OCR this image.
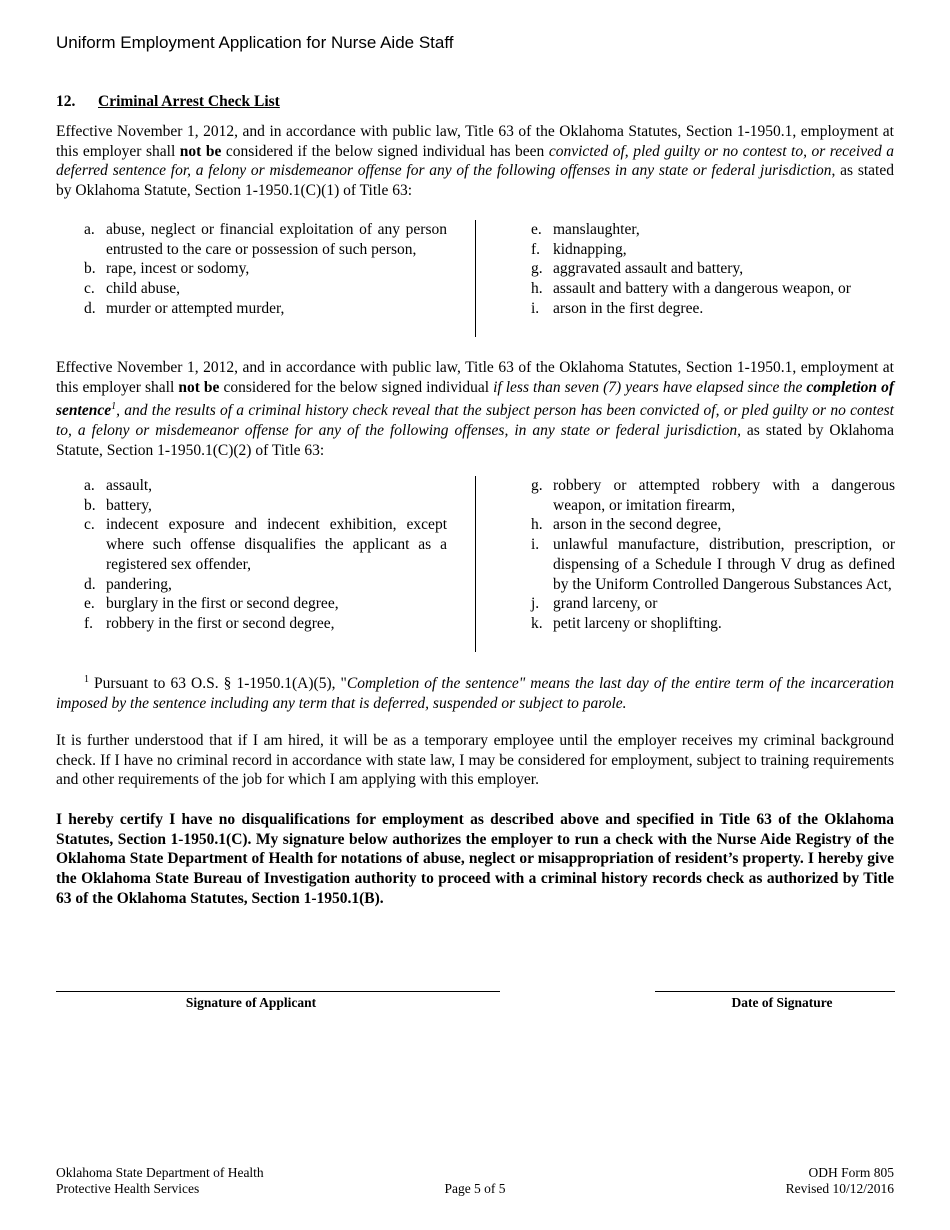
Uniform Employment Application for Nurse Aide Staff
12. Criminal Arrest Check List
Effective November 1, 2012, and in accordance with public law, Title 63 of the Oklahoma Statutes, Section 1-1950.1, employment at this employer shall not be considered if the below signed individual has been convicted of, pled guilty or no contest to, or received a deferred sentence for, a felony or misdemeanor offense for any of the following offenses in any state or federal jurisdiction, as stated by Oklahoma Statute, Section 1-1950.1(C)(1) of Title 63:
a. abuse, neglect or financial exploitation of any person entrusted to the care or possession of such person,
b. rape, incest or sodomy,
c. child abuse,
d. murder or attempted murder,
e. manslaughter,
f. kidnapping,
g. aggravated assault and battery,
h. assault and battery with a dangerous weapon, or
i. arson in the first degree.
Effective November 1, 2012, and in accordance with public law, Title 63 of the Oklahoma Statutes, Section 1-1950.1, employment at this employer shall not be considered for the below signed individual if less than seven (7) years have elapsed since the completion of sentence$^1$, and the results of a criminal history check reveal that the subject person has been convicted of, or pled guilty or no contest to, a felony or misdemeanor offense for any of the following offenses, in any state or federal jurisdiction, as stated by Oklahoma Statute, Section 1-1950.1(C)(2) of Title 63:
a. assault,
b. battery,
c. indecent exposure and indecent exhibition, except where such offense disqualifies the applicant as a registered sex offender,
d. pandering,
e. burglary in the first or second degree,
f. robbery in the first or second degree,
g. robbery or attempted robbery with a dangerous weapon, or imitation firearm,
h. arson in the second degree,
i. unlawful manufacture, distribution, prescription, or dispensing of a Schedule I through V drug as defined by the Uniform Controlled Dangerous Substances Act,
j. grand larceny, or
k. petit larceny or shoplifting.
$^1$ Pursuant to 63 O.S. § 1-1950.1(A)(5), "Completion of the sentence" means the last day of the entire term of the incarceration imposed by the sentence including any term that is deferred, suspended or subject to parole.
It is further understood that if I am hired, it will be as a temporary employee until the employer receives my criminal background check. If I have no criminal record in accordance with state law, I may be considered for employment, subject to training requirements and other requirements of the job for which I am applying with this employer.
I hereby certify I have no disqualifications for employment as described above and specified in Title 63 of the Oklahoma Statutes, Section 1-1950.1(C). My signature below authorizes the employer to run a check with the Nurse Aide Registry of the Oklahoma State Department of Health for notations of abuse, neglect or misappropriation of resident’s property. I hereby give the Oklahoma State Bureau of Investigation authority to proceed with a criminal history records check as authorized by Title 63 of the Oklahoma Statutes, Section 1-1950.1(B).
Signature of Applicant	Date of Signature
Oklahoma State Department of Health
Protective Health Services	Page 5 of 5
ODH Form 805
Revised 10/12/2016
